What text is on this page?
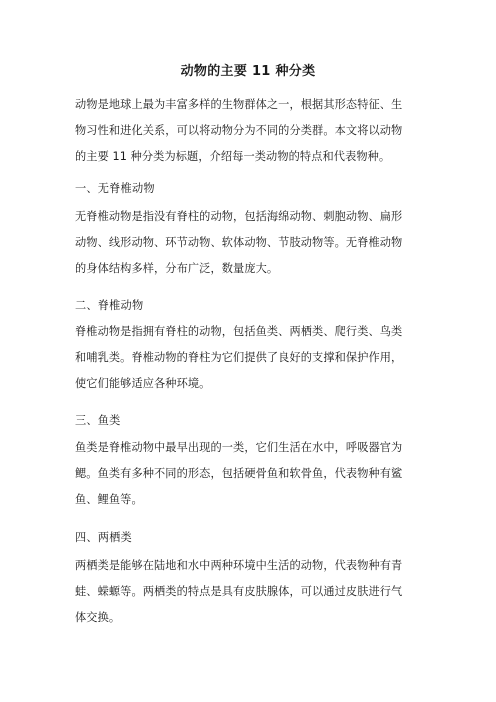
动物的主要 11 种分类

动物是地球上最为丰富多样的生物群体之一，根据其形态特征、生
物习性和进化关系，可以将动物分为不同的分类群。本文将以动物
的主要 11 种分类为标题，介绍每一类动物的特点和代表物种。

一、无脊椎动物

无脊椎动物是指没有脊柱的动物，包括海绵动物、刺胞动物、扁形
动物、线形动物、环节动物、软体动物、节肢动物等。无脊椎动物
的身体结构多样，分布广泛，数量庞大。

二、脊椎动物

脊椎动物是指拥有脊柱的动物，包括鱼类、两栖类、爬行类、鸟类
和哺乳类。脊椎动物的脊柱为它们提供了良好的支撑和保护作用，
使它们能够适应各种环境。

三、鱼类

鱼类是脊椎动物中最早出现的一类，它们生活在水中，呼吸器官为
鳃。鱼类有多种不同的形态，包括硬骨鱼和软骨鱼，代表物种有鲨
鱼、鲤鱼等。

四、两栖类

两栖类是能够在陆地和水中两种环境中生活的动物，代表物种有青
蛙、蝾螈等。两栖类的特点是具有皮肤腺体，可以通过皮肤进行气
体交换。
